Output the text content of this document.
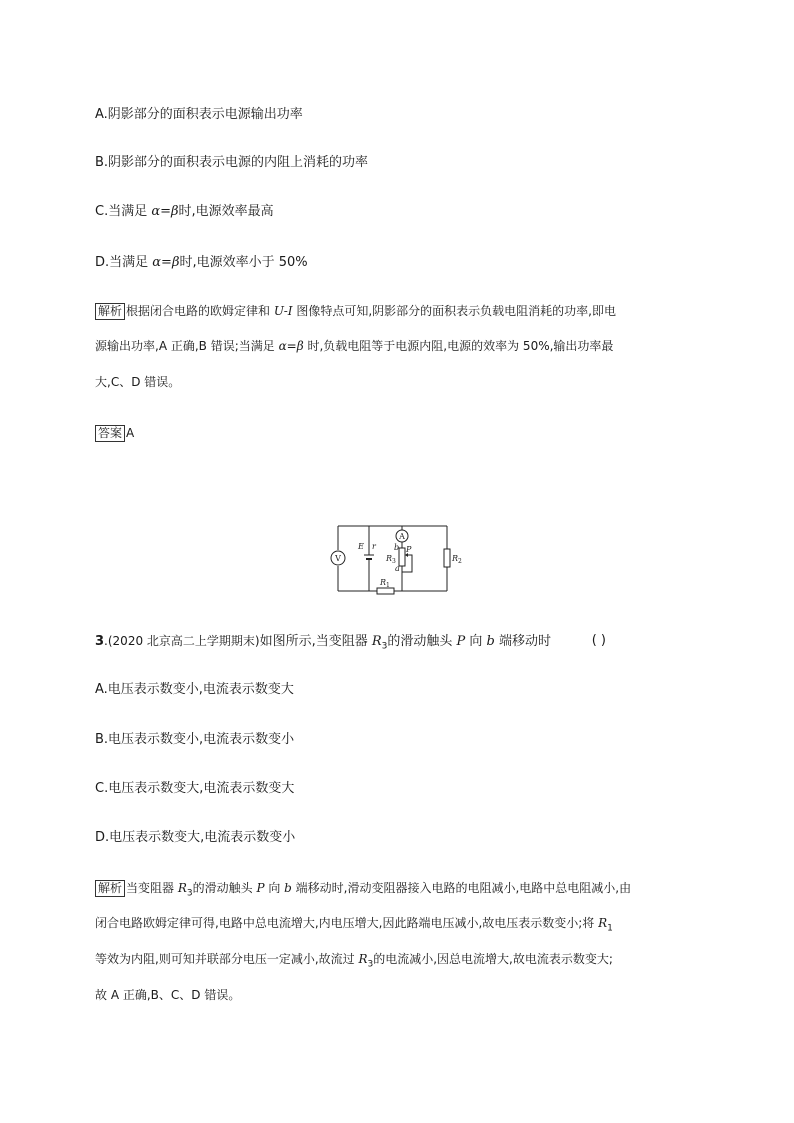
A.阴影部分的面积表示电源输出功率
B.阴影部分的面积表示电源的内阻上消耗的功率
C.当满足 α=β时,电源效率最高
D.当满足 α=β时,电源效率小于 50%
解析 根据闭合电路的欧姆定律和 U-I 图像特点可知,阴影部分的面积表示负载电阻消耗的功率,即电
源输出功率,A 正确,B 错误;当满足 α=β 时,负载电阻等于电源内阻,电源的效率为 50%,输出功率最
大,C、D 错误。
答案 A
V
E r
$R_1$
$R_2$
A
b P
a
$R_3$
3.(2020 北京高二上学期期末)如图所示,当变阻器 $R_3$的滑动触头 P 向 b 端移动时	( )
A.电压表示数变小,电流表示数变大
B.电压表示数变小,电流表示数变小
C.电压表示数变大,电流表示数变大
D.电压表示数变大,电流表示数变小
解析 当变阻器 $R_3$的滑动触头 P 向 b 端移动时,滑动变阻器接入电路的电阻减小,电路中总电阻减小,由
闭合电路欧姆定律可得,电路中总电流增大,内电压增大,因此路端电压减小,故电压表示数变小;将 $R_1$
等效为内阻,则可知并联部分电压一定减小,故流过 $R_3$的电流减小,因总电流增大,故电流表示数变大;
故 A 正确,B、C、D 错误。
